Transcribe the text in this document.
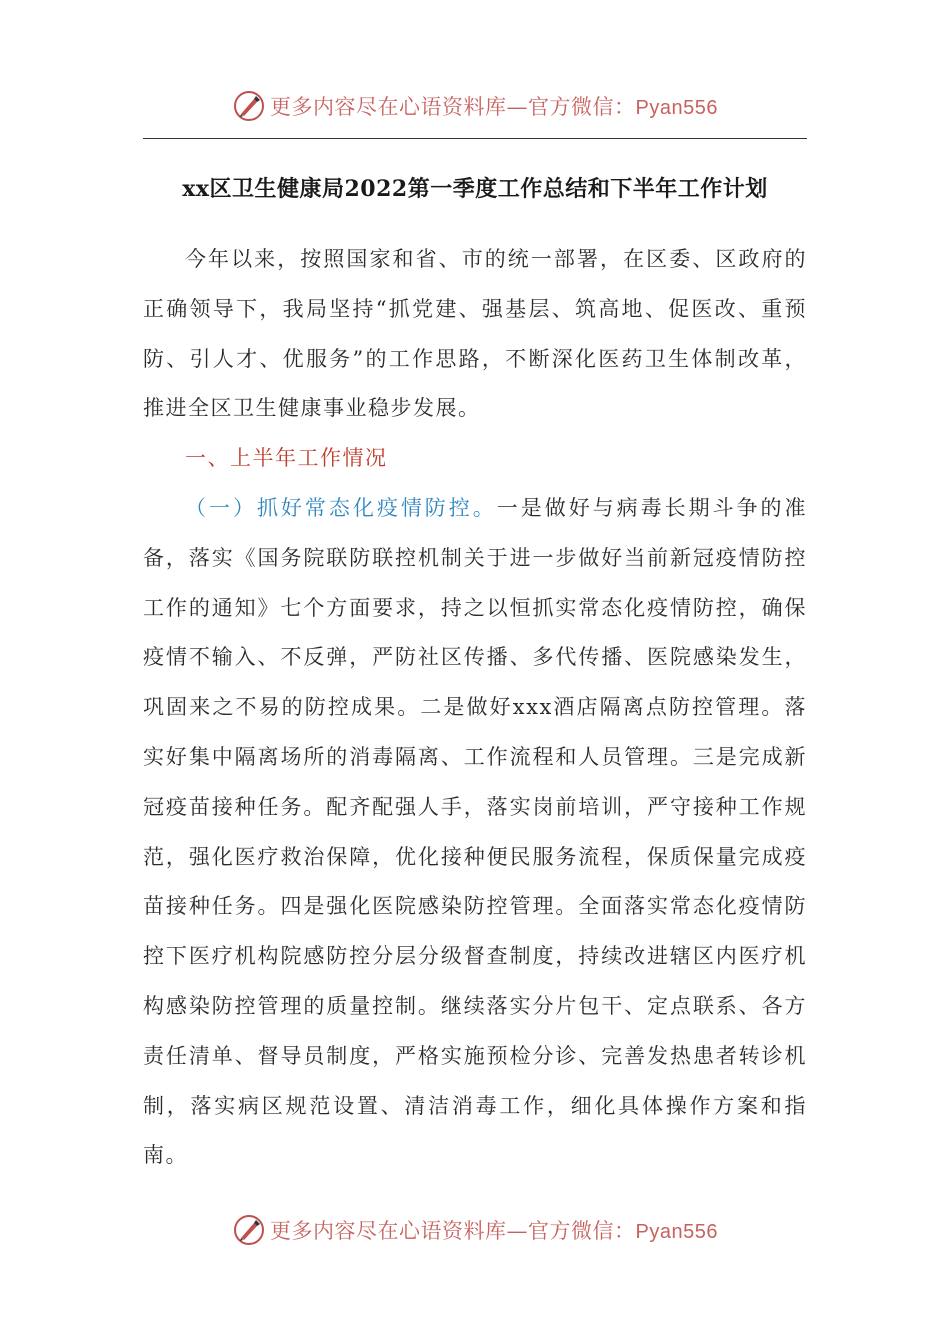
更多内容尽在心语资料库—官方微信：Pyan556
xx区卫生健康局2022第一季度工作总结和下半年工作计划

今年以来，按照国家和省、市的统一部署，在区委、区政府的正确领导下，我局坚持“抓党建、强基层、筑高地、促医改、重预防、引人才、优服务”的工作思路，不断深化医药卫生体制改革，推进全区卫生健康事业稳步发展。

一、上半年工作情况

（一）抓好常态化疫情防控。一是做好与病毒长期斗争的准备，落实《国务院联防联控机制关于进一步做好当前新冠疫情防控工作的通知》七个方面要求，持之以恒抓实常态化疫情防控，确保疫情不输入、不反弹，严防社区传播、多代传播、医院感染发生，巩固来之不易的防控成果。二是做好xxx酒店隔离点防控管理。落实好集中隔离场所的消毒隔离、工作流程和人员管理。三是完成新冠疫苗接种任务。配齐配强人手，落实岗前培训，严守接种工作规范，强化医疗救治保障，优化接种便民服务流程，保质保量完成疫苗接种任务。四是强化医院感染防控管理。全面落实常态化疫情防控下医疗机构院感防控分层分级督查制度，持续改进辖区内医疗机构感染防控管理的质量控制。继续落实分片包干、定点联系、各方责任清单、督导员制度，严格实施预检分诊、完善发热患者转诊机制，落实病区规范设置、清洁消毒工作，细化具体操作方案和指南。

更多内容尽在心语资料库—官方微信：Pyan556
